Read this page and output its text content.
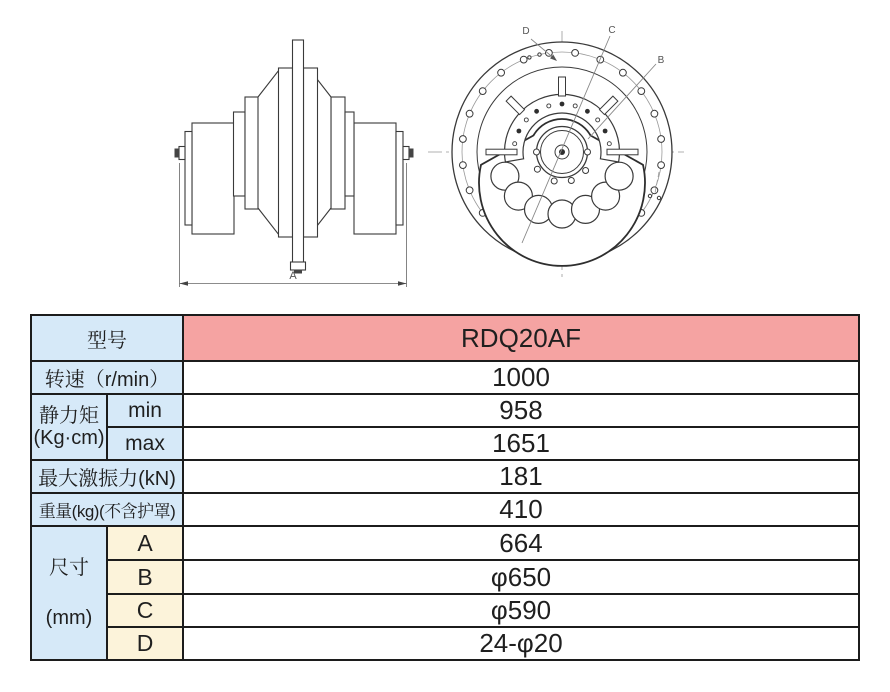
A
D	C
B
型号		RDQ20AF
转速（r/min）		1000

静力矩
(Kg·cm)	min	958
	max	1651
最大激振力(kN)		181
重量(kg)(不含护罩)		410

尺寸
(mm)	A	664
	B	φ650
	C	φ590
	D	24-φ20
